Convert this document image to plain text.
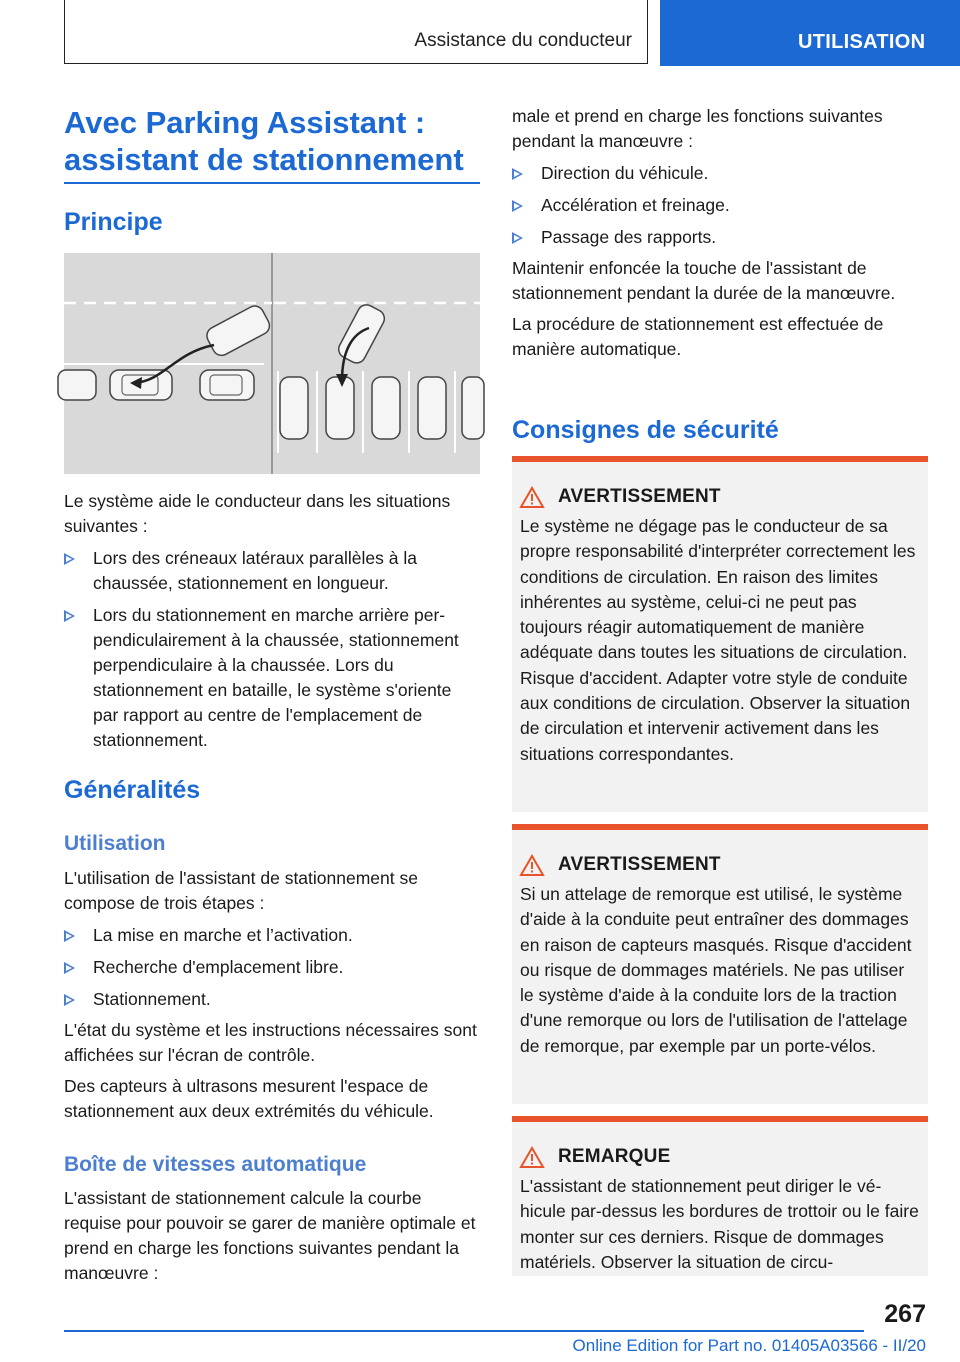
Assistance du conducteur	UTILISATION
Avec Parking Assistant : assistant de stationnement
Principe

Le système aide le conducteur dans les situations suivantes :

Lors des créneaux latéraux parallèles à la chaussée, stationnement en longueur.
Lors du stationnement en marche arrière perpendiculairement à la chaussée, stationnement perpendiculaire à la chaussée. Lors du stationnement en bataille, le système s'oriente par rapport au centre de l'emplacement de stationnement.
Généralités
Utilisation

L'utilisation de l'assistant de stationnement se compose de trois étapes :

La mise en marche et l’activation.
Recherche d'emplacement libre.
Stationnement.

L'état du système et les instructions nécessaires sont affichées sur l'écran de contrôle.

Des capteurs à ultrasons mesurent l'espace de stationnement aux deux extrémités du véhicule.

Boîte de vitesses automatique

L'assistant de stationnement calcule la courbe requise pour pouvoir se garer de manière optimale et prend en charge les fonctions suivantes pendant la manœuvre :

male et prend en charge les fonctions suivantes pendant la manœuvre :

Direction du véhicule.
Accélération et freinage.
Passage des rapports.

Maintenir enfoncée la touche de l'assistant de stationnement pendant la durée de la manœuvre.

La procédure de stationnement est effectuée de manière automatique.

Consignes de sécurité
AVERTISSEMENT

Le système ne dégage pas le conducteur de sa propre responsabilité d'interpréter correctement les conditions de circulation. En raison des limites inhérentes au système, celui-ci ne peut pas toujours réagir automatiquement de manière adéquate dans toutes les situations de circulation. Risque d'accident. Adapter votre style de conduite aux conditions de circulation. Observer la situation de circulation et intervenir activement dans les situations correspondantes.

AVERTISSEMENT

Si un attelage de remorque est utilisé, le système d'aide à la conduite peut entraîner des dommages en raison de capteurs masqués. Risque d'accident ou risque de dommages matériels. Ne pas utiliser le système d'aide à la conduite lors de la traction d'une remorque ou lors de l'utilisation de l'attelage de remorque, par exemple par un porte-vélos.

REMARQUE

L'assistant de stationnement peut diriger le véhicule par-dessus les bordures de trottoir ou le faire monter sur ces derniers. Risque de dommages matériels. Observer la situation de circu-

267
Online Edition for Part no. 01405A03566 - II/20
